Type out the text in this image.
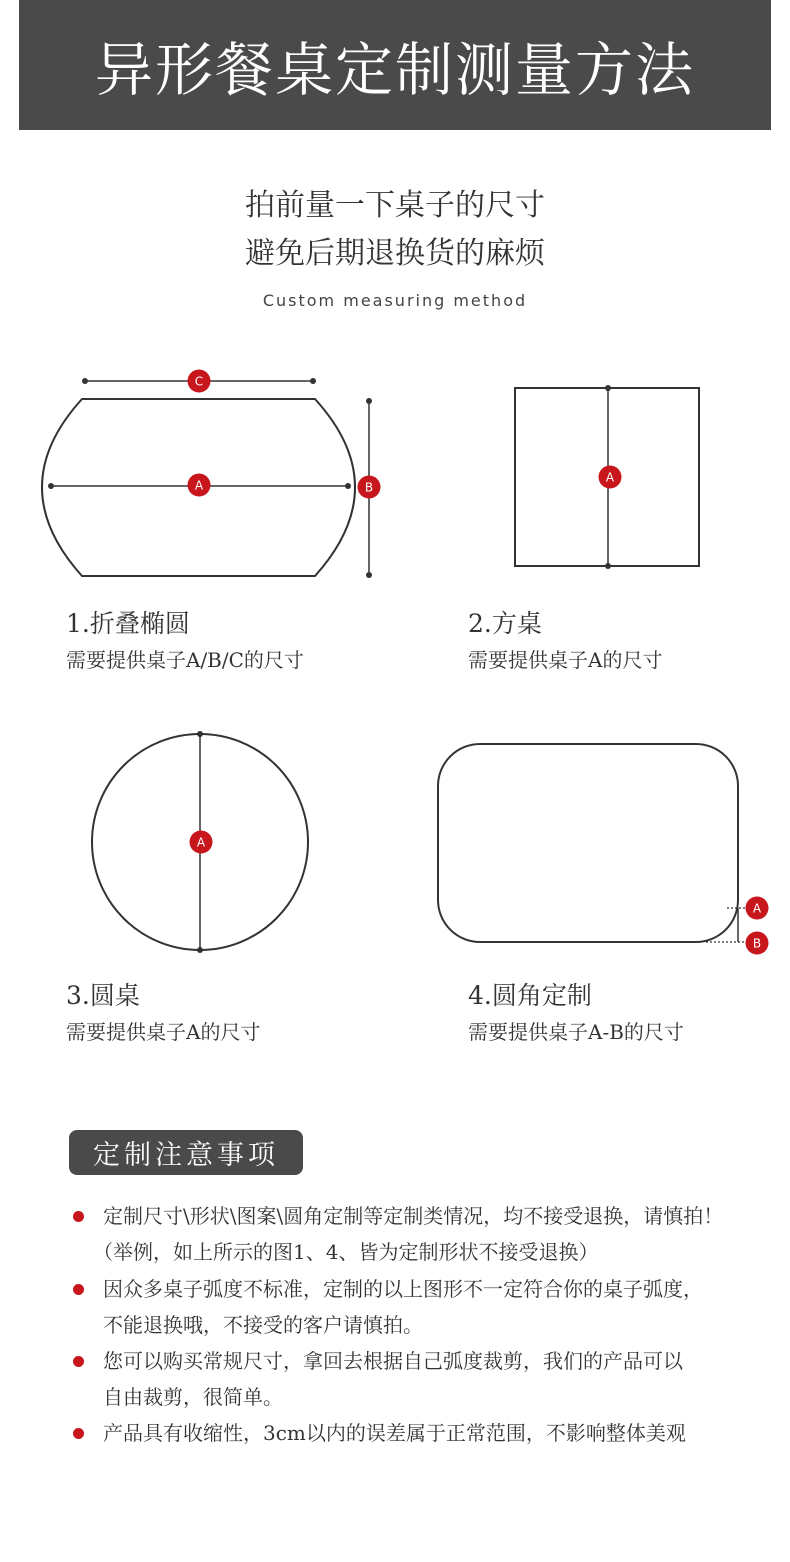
异形餐桌定制测量方法
拍前量一下桌子的尺寸
避免后期退换货的麻烦
Custom measuring method
C
A	B
1.折叠椭圆
需要提供桌子A/B/C的尺寸
A
2.方桌
需要提供桌子A的尺寸
A
3.圆桌
需要提供桌子A的尺寸
A
B
4.圆角定制
需要提供桌子A-B的尺寸
定制注意事项
定制尺寸\形状\图案\圆角定制等定制类情况，均不接受退换，请慎拍！
（举例，如上所示的图1、4、皆为定制形状不接受退换）
因众多桌子弧度不标准，定制的以上图形不一定符合你的桌子弧度，
不能退换哦，不接受的客户请慎拍。
您可以购买常规尺寸，拿回去根据自己弧度裁剪，我们的产品可以
自由裁剪，很简单。
产品具有收缩性，3cm以内的误差属于正常范围，不影响整体美观
